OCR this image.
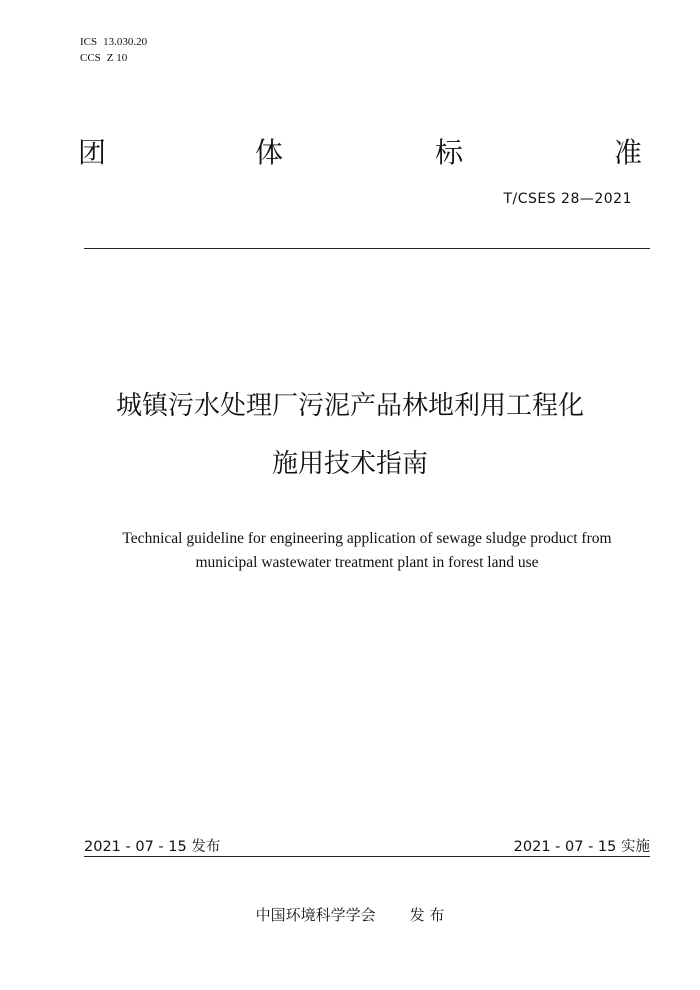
ICS 13.030.20
CCS Z 10
团	体	标	准
T/CSES 28—2021
城镇污水处理厂污泥产品林地利用工程化
施用技术指南
Technical guideline for engineering application of sewage sludge product from
municipal wastewater treatment plant in forest land use
2021 - 07 - 15 发布	2021 - 07 - 15 实施
中国环境科学学会 发 布
